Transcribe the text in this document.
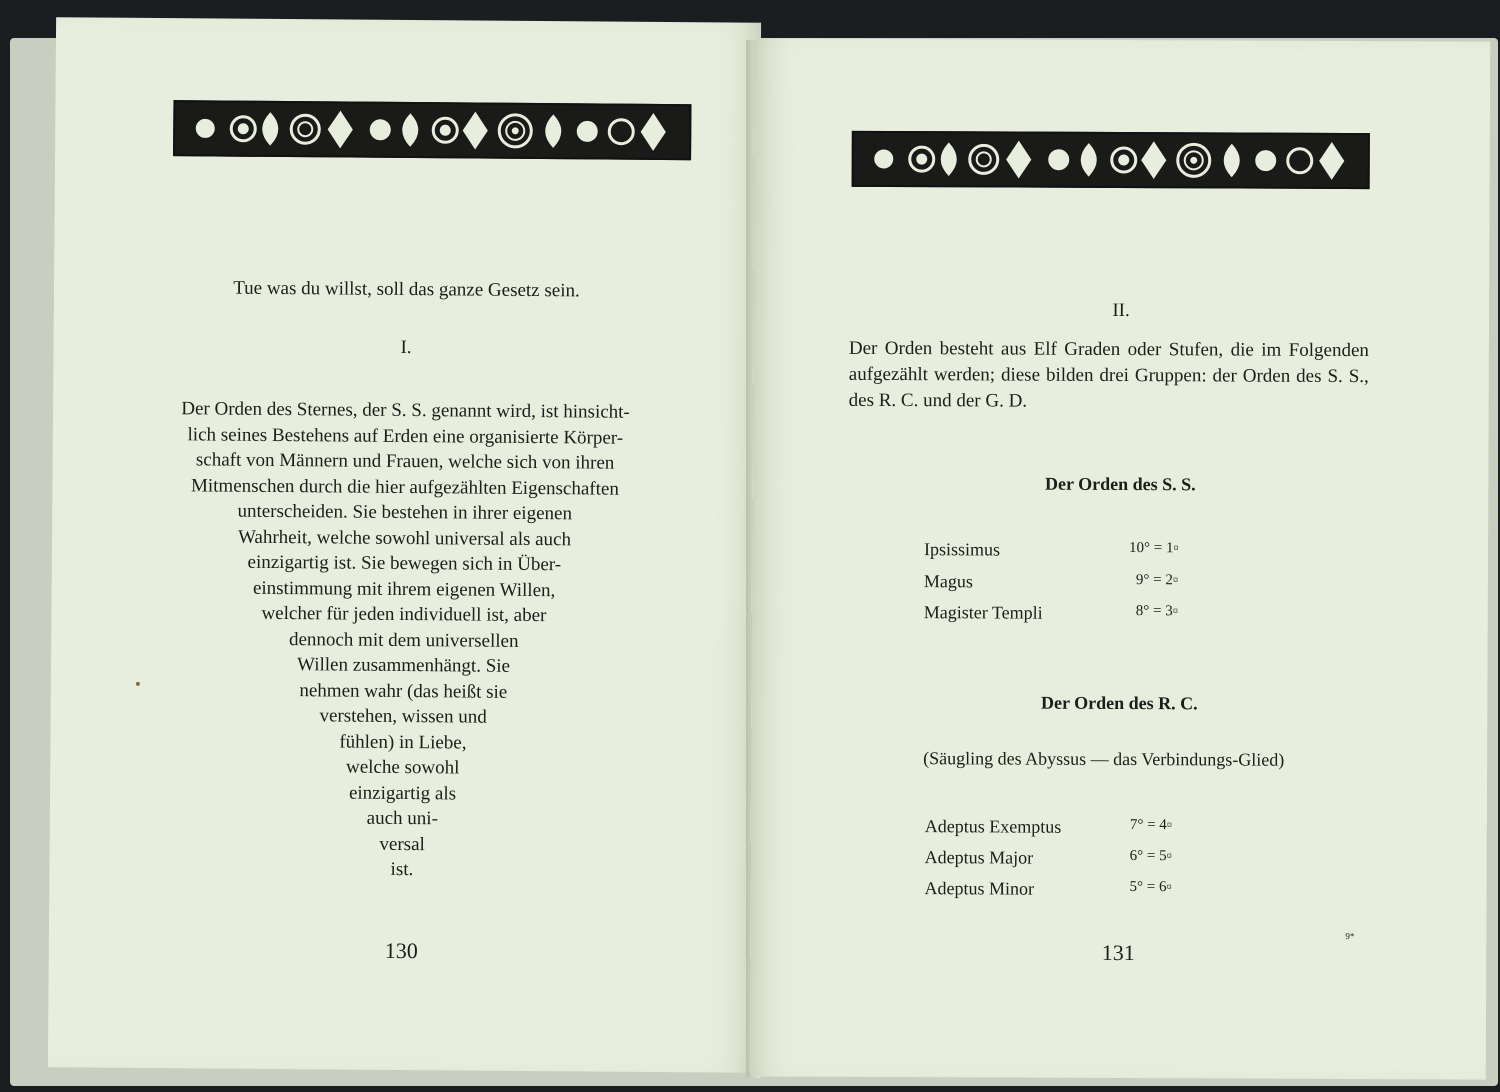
Tue was du willst, soll das ganze Gesetz sein.
I.
Der Orden des Sternes, der S. S. genannt wird, ist hinsicht-
lich seines Bestehens auf Erden eine organisierte Körper-
schaft von Männern und Frauen, welche sich von ihren
Mitmenschen durch die hier aufgezählten Eigenschaften
unterscheiden. Sie bestehen in ihrer eigenen
Wahrheit, welche sowohl universal als auch
einzigartig ist. Sie bewegen sich in Über-
einstimmung mit ihrem eigenen Willen,
welcher für jeden individuell ist, aber
dennoch mit dem universellen
Willen zusammenhängt. Sie
nehmen wahr (das heißt sie
verstehen, wissen und
fühlen) in Liebe,
welche sowohl
einzigartig als
auch uni-
versal
ist.
130
II.
Der Orden besteht aus Elf Graden oder Stufen, die im Folgenden aufgezählt werden; diese bilden drei Gruppen: der Orden des S. S., des R. C. und der G. D.
Der Orden des S. S.
Ipsissimus	10° = 1▫
Magus	9° = 2▫
Magister Templi	8° = 3▫
Der Orden des R. C.
(Säugling des Abyssus — das Verbindungs-Glied)
Adeptus Exemptus	7° = 4▫
Adeptus Major	6° = 5▫
Adeptus Minor	5° = 6▫
131
9*
